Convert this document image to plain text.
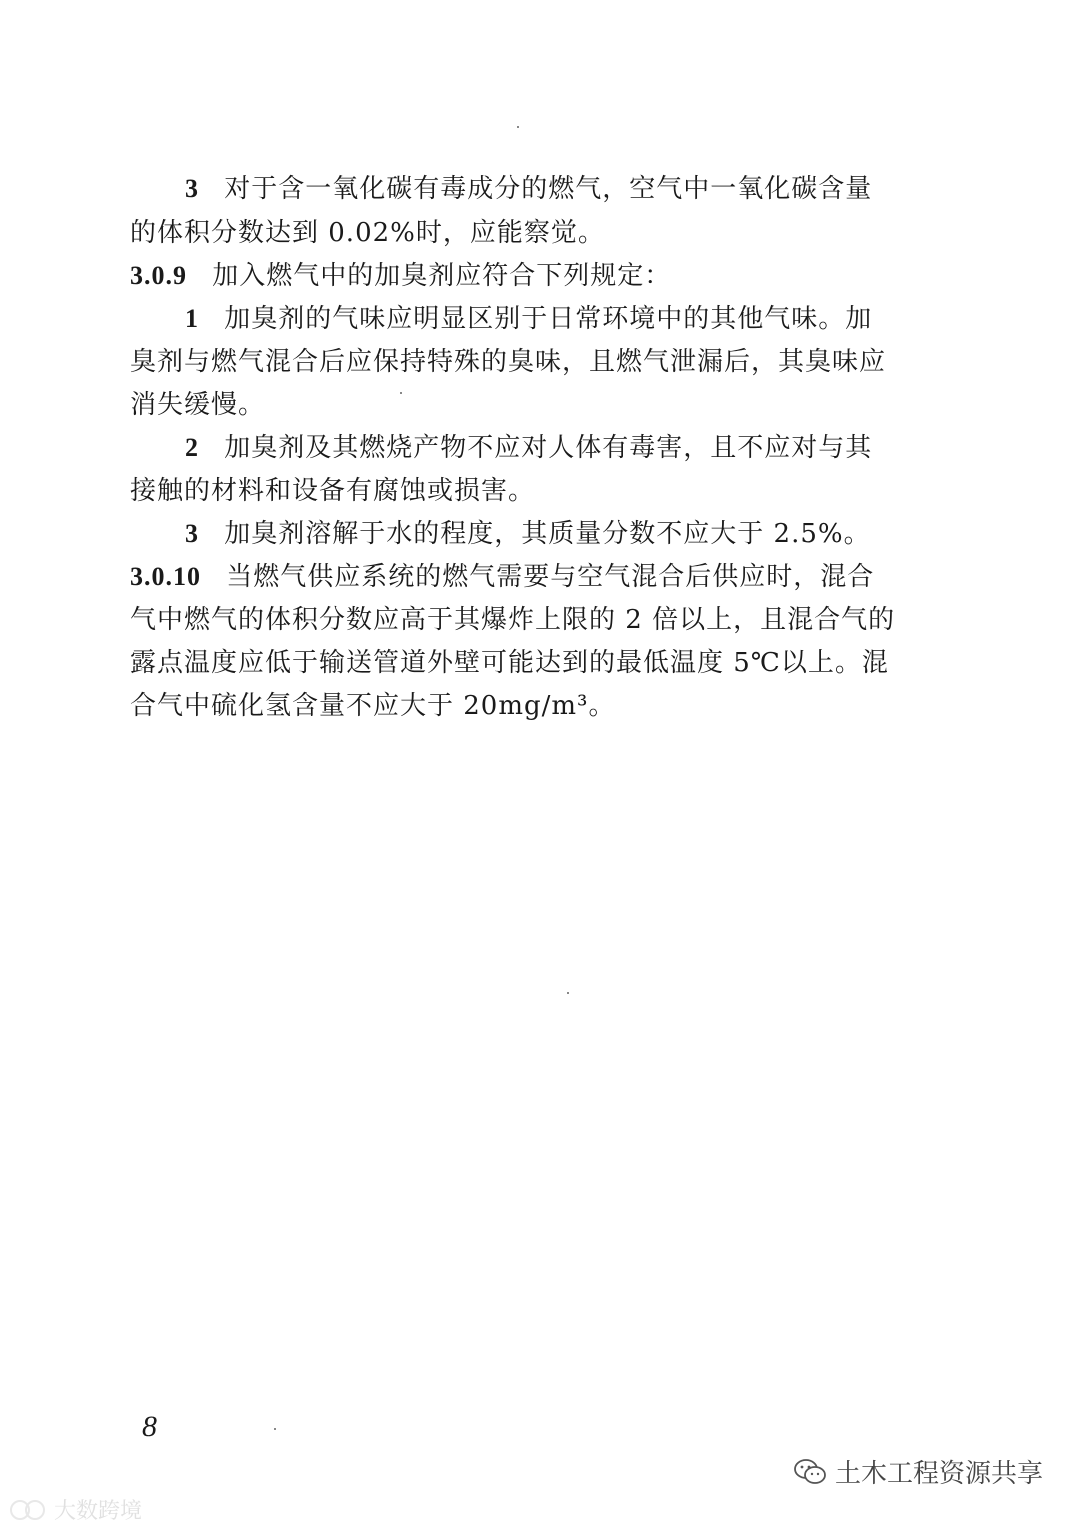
3 对于含一氧化碳有毒成分的燃气，空气中一氧化碳含量
的体积分数达到 0.02%时，应能察觉。
3.0.9 加入燃气中的加臭剂应符合下列规定：
1 加臭剂的气味应明显区别于日常环境中的其他气味。加
臭剂与燃气混合后应保持特殊的臭味，且燃气泄漏后，其臭味应
消失缓慢。
2 加臭剂及其燃烧产物不应对人体有毒害，且不应对与其
接触的材料和设备有腐蚀或损害。
3 加臭剂溶解于水的程度，其质量分数不应大于 2.5%。
3.0.10 当燃气供应系统的燃气需要与空气混合后供应时，混合
气中燃气的体积分数应高于其爆炸上限的 2 倍以上，且混合气的
露点温度应低于输送管道外壁可能达到的最低温度 5℃以上。混
合气中硫化氢含量不应大于 20mg/m³。
8
土木工程资源共享
大数跨境
